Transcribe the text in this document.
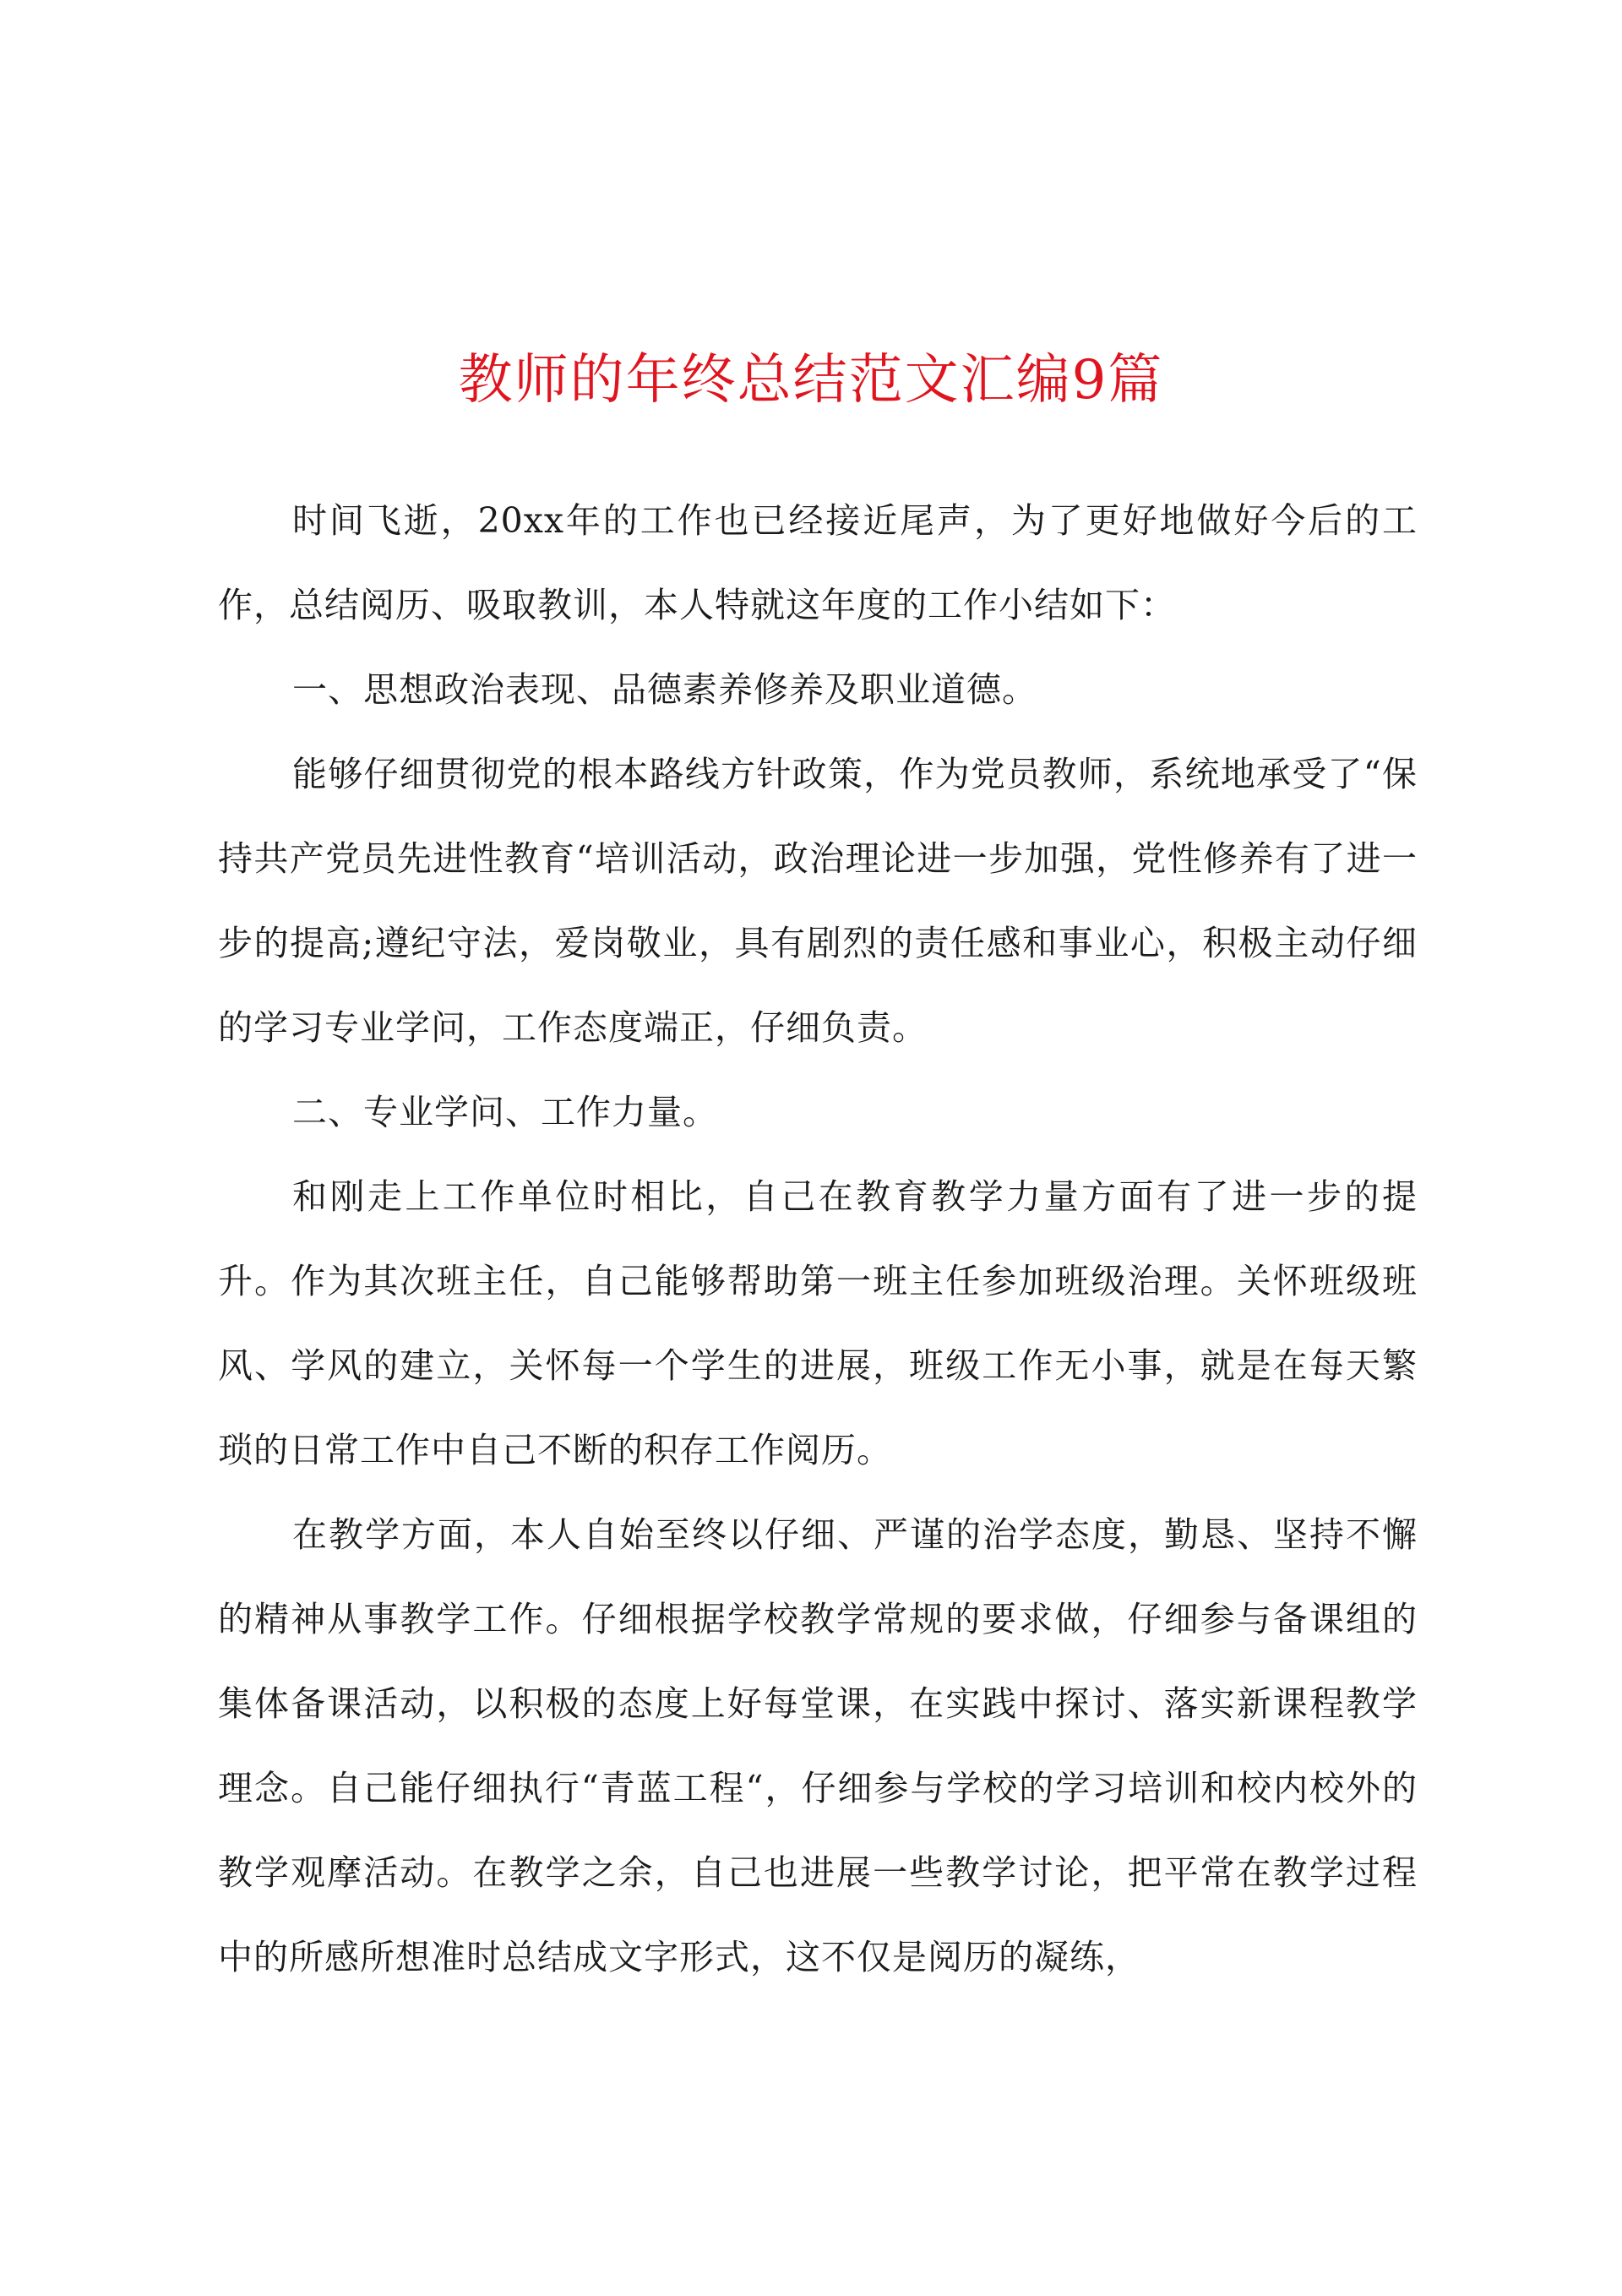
教师的年终总结范文汇编9篇

时间飞逝，20xx年的工作也已经接近尾声，为了更好地做好今后的工作，总结阅历、吸取教训，本人特就这年度的工作小结如下：

一、思想政治表现、品德素养修养及职业道德。

能够仔细贯彻党的根本路线方针政策，作为党员教师，系统地承受了“保持共产党员先进性教育“培训活动，政治理论进一步加强，党性修养有了进一步的提高;遵纪守法，爱岗敬业，具有剧烈的责任感和事业心，积极主动仔细的学习专业学问，工作态度端正，仔细负责。

二、专业学问、工作力量。

和刚走上工作单位时相比，自己在教育教学力量方面有了进一步的提升。作为其次班主任，自己能够帮助第一班主任参加班级治理。关怀班级班风、学风的建立，关怀每一个学生的进展，班级工作无小事，就是在每天繁琐的日常工作中自己不断的积存工作阅历。

在教学方面，本人自始至终以仔细、严谨的治学态度，勤恳、坚持不懈的精神从事教学工作。仔细根据学校教学常规的要求做，仔细参与备课组的集体备课活动，以积极的态度上好每堂课，在实践中探讨、落实新课程教学理念。自己能仔细执行“青蓝工程“，仔细参与学校的学习培训和校内校外的教学观摩活动。在教学之余，自己也进展一些教学讨论，把平常在教学过程中的所感所想准时总结成文字形式，这不仅是阅历的凝练，
